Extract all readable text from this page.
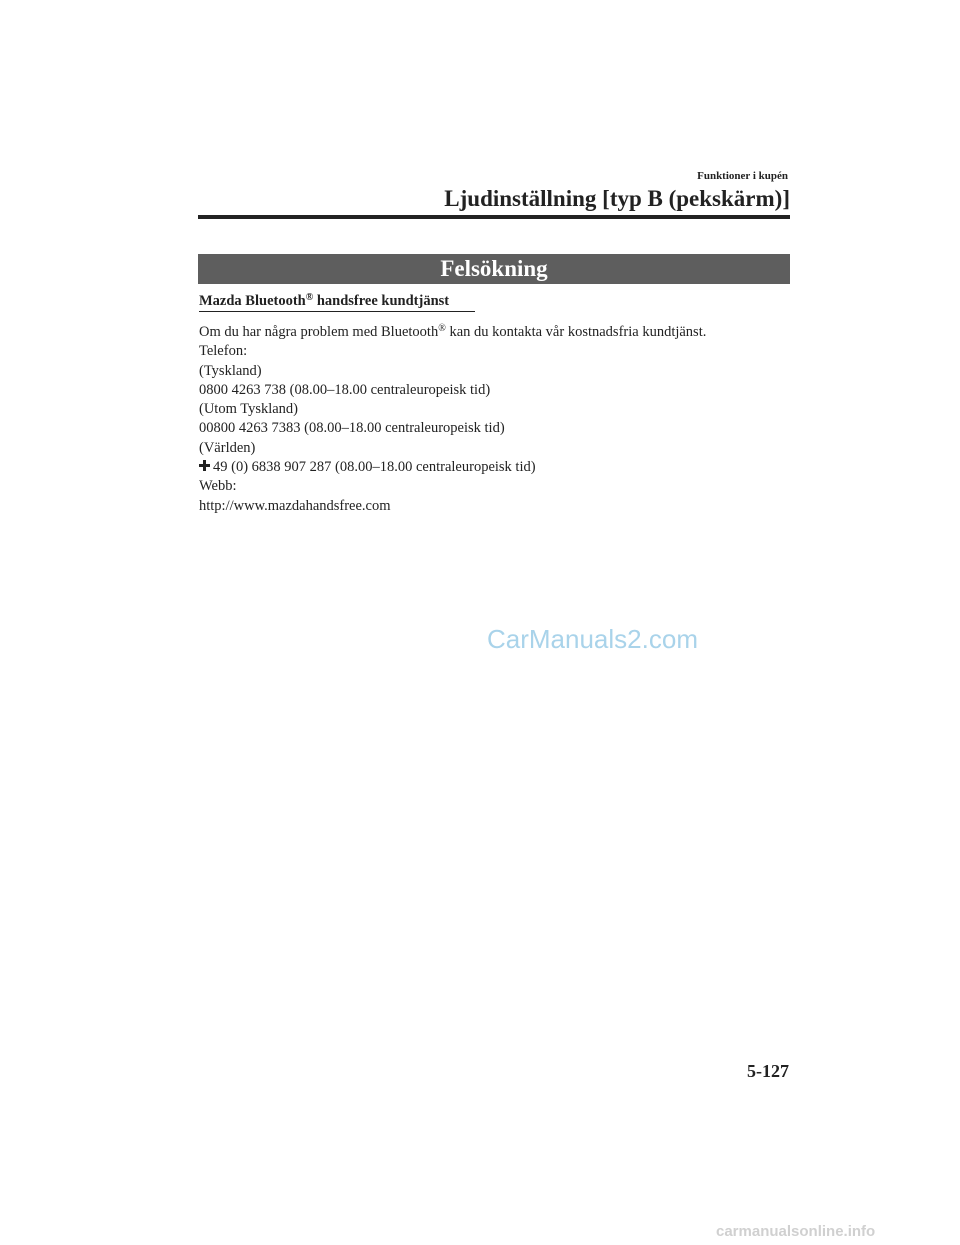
Funktioner i kupén
Ljudinställning [typ B (pekskärm)]
Felsökning
Mazda Bluetooth® handsfree kundtjänst
Om du har några problem med Bluetooth® kan du kontakta vår kostnadsfria kundtjänst.
Telefon:
(Tyskland)
0800 4263 738 (08.00–18.00 centraleuropeisk tid)
(Utom Tyskland)
00800 4263 7383 (08.00–18.00 centraleuropeisk tid)
(Världen)
49 (0) 6838 907 287 (08.00–18.00 centraleuropeisk tid)
Webb:
http://www.mazdahandsfree.com
CarManuals2.com
5-127
carmanualsonline.info
